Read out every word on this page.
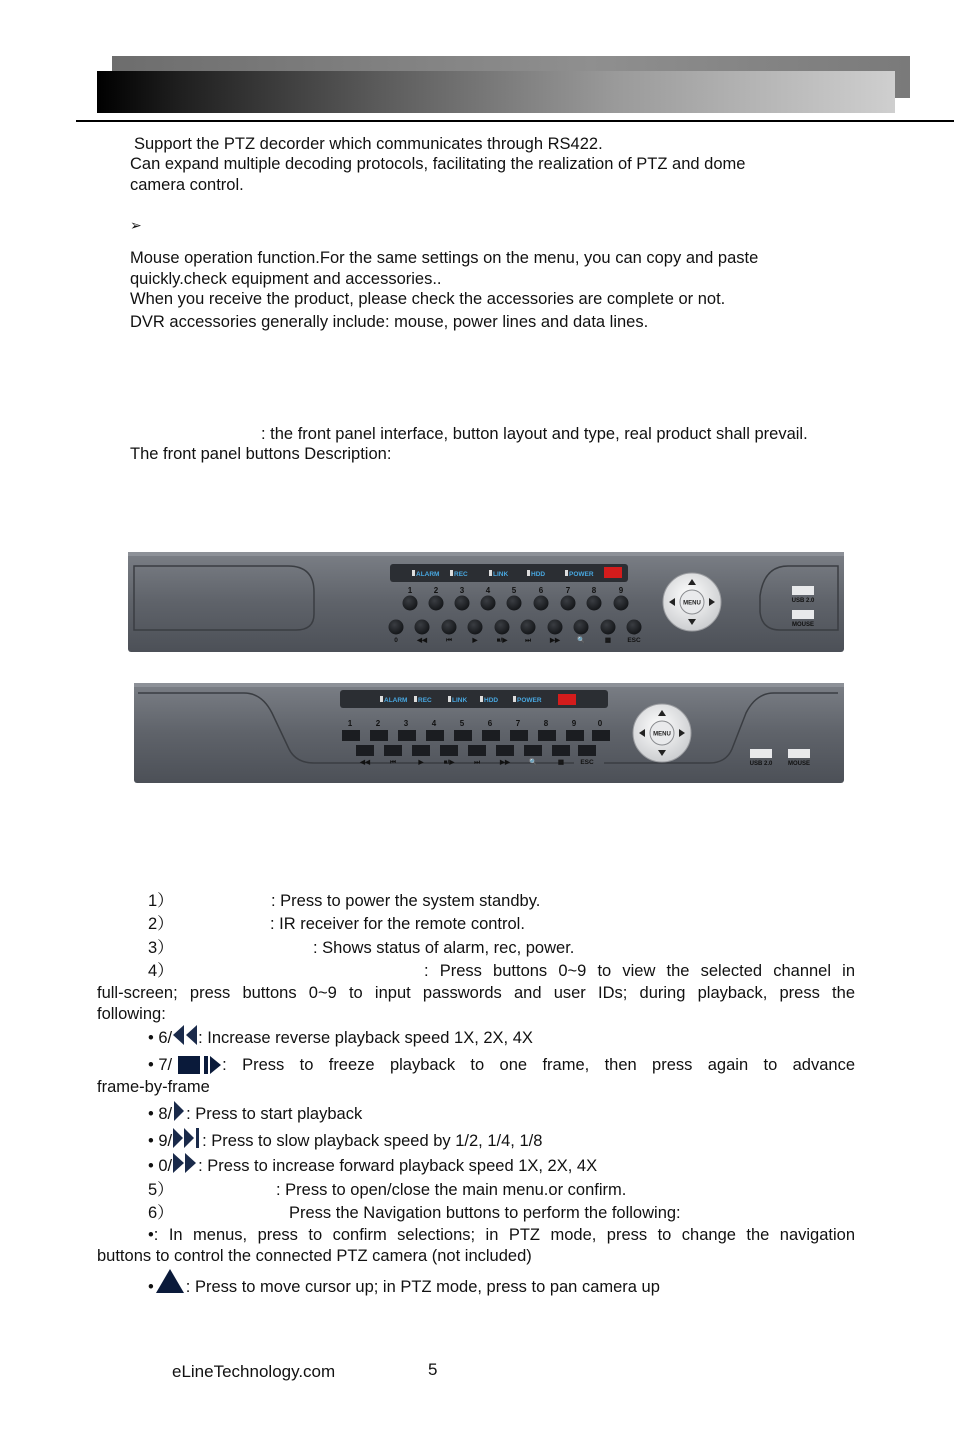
Support the PTZ decorder which communicates through RS422.
Can expand multiple decoding protocols, facilitating the realization of PTZ and dome
camera control.
➢
Mouse operation function.For the same settings on the menu, you can copy and paste
quickly.check equipment and accessories..
When you receive the product, please check the accessories are complete or not.
DVR accessories generally include: mouse, power lines and data lines.
: the front panel interface, button layout and type, real product shall prevail.
The front panel buttons Description:
ALARM REC	LINK	HDD	POWER
1	2	3	4	5	6	7	8	9
0	◀◀	⏮	▶	■/▶	⏭	▶▶	🔍	▦ ESC
MENU	USB 2.0
MOUSE
ALARM REC	LINK	HDD	POWER
1	2	3	4	5	6	7	8	9	0
◀◀	⏮	▶	■/▶	⏭	▶▶	🔍	▦ ESC
MENU
USB 2.0	MOUSE
1）	: Press to power the system standby.
2）	: IR receiver for the remote control.
3）	: Shows status of alarm, rec, power.
4）	: Press buttons 0~9 to view the selected channel in
full-screen; press buttons 0~9 to input passwords and user IDs; during playback, press the
following:
• 6/ : Increase reverse playback speed 1X, 2X, 4X
• 7/	: Press to freeze playback to one frame, then press again to advance
frame-by-frame
• 8/ : Press to start playback
• 9/ : Press to slow playback speed by 1/2, 1/4, 1/8
• 0/ : Press to increase forward playback speed 1X, 2X, 4X
5）	: Press to open/close the main menu.or confirm.
6）	Press the Navigation buttons to perform the following:
•: In menus, press to confirm selections; in PTZ mode, press to change the navigation
buttons to control the connected PTZ camera (not included)
• : Press to move cursor up; in PTZ mode, press to pan camera up
eLineTechnology.com	5
